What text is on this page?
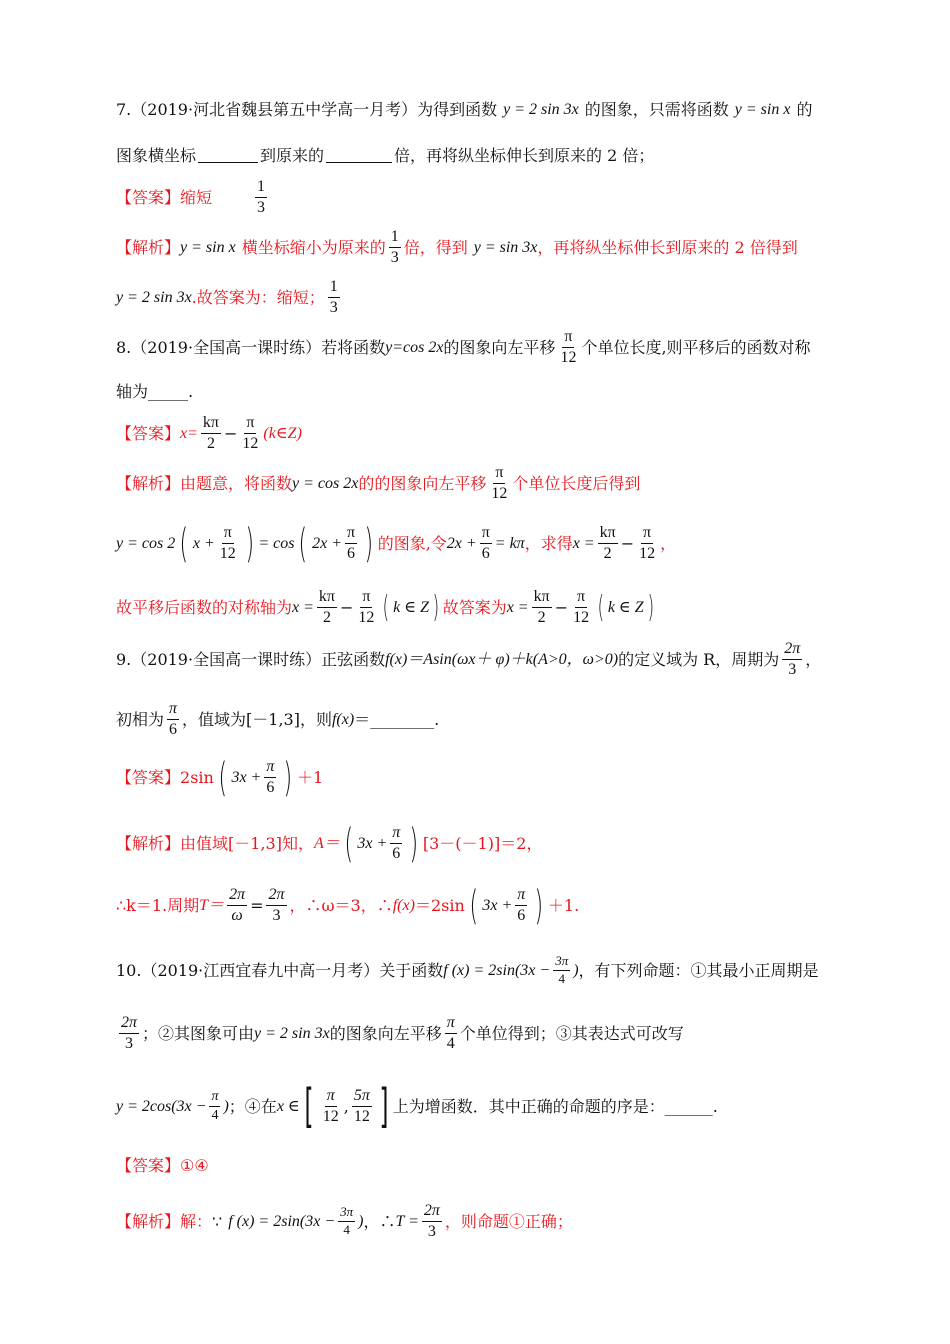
7. （2019·河北省魏县第五中学高一月考） 为得到函数 y = 2 sin 3x 的图象，只需将函数 y = sin x 的
图象横坐标	到原来的	倍，再将纵坐标伸长到原来的 2 倍；
【答案】 缩短	$\frac{1}{3}$
【解析】 y = sin x 横坐标缩小为原来的 $\frac{1}{3}$ 倍，得到 y = sin 3x ，再将纵坐标伸长到原来的 2 倍得到
y = 2 sin 3x .故答案为：缩短； $\frac{1}{3}$
8. （2019·全国高一课时练） 若将函数 y=cos 2x 的图象向左平移 $\frac{\pi}{12}$ 个单位长度,则平移后的函数对称
轴为_____.
【答案】 $x= \frac{k\pi}{2} - \frac{\pi}{12}$ (k∈Z)
【解析】 由题意，将函数 y = cos 2x 的的图象向左平移 $\frac{\pi}{12}$ 个单位长度后得到
y = cos 2 ( $x + \frac{\pi}{12}$ ) = cos ( $2x + \frac{\pi}{6}$ ) 的图象,令 $2x + \frac{\pi}{6} = k\pi$ ，求得 $x = \frac{k\pi}{2} - \frac{\pi}{12}$ ，
故平移后函数的对称轴为 $x = \frac{k\pi}{2} - \frac{\pi}{12}$ ( k ∈ Z ) 故答案为 $x = \frac{k\pi}{2} - \frac{\pi}{12}$ ( k ∈ Z )
9. （2019·全国高一课时练） 正弦函数 f(x)＝Asin(ωx＋ φ)＋k(A>0，ω>0) 的定义域为 R，周期为 $\frac{2\pi}{3}$ ，
初相为 $\frac{\pi}{6}$ ，值域为[－1,3]，则 f(x) ＝________.
【答案】 2sin ( $3x + \frac{\pi}{6}$ ) ＋1
【解析】 由值域[－1,3]知， A＝ ( $3x + \frac{\pi}{6}$ ) [3－(－1)]＝2，
∴k＝1.周期 $T= \frac{2\pi}{\omega} = \frac{2\pi}{3}$ ，∴ω＝3，∴ f(x) ＝2sin ( $3x + \frac{\pi}{6}$ ) ＋1.
10. （2019·江西宜春九中高一月考） 关于函数 f $(x) = 2\sin(3x - \frac{3\pi}{4}$ ) ，有下列命题：①其最小正周期是
$\frac{2\pi}{3}$ ；②其图象可由 y = 2 sin 3x 的图象向左平移 $\frac{\pi}{4}$ 个单位得到；③其表达式可改写
$y = 2\cos(3x - \frac{\pi}{4}$ ) ；④在 x ∈ [ $\frac{\pi}{12}$ , $\frac{5\pi}{12}$ ] 上为增函数．其中正确的命题的序是：______.
【答案】 ①④
【解析】 解： ∵ f $(x) = 2\sin(3x - \frac{3\pi}{4}$ ) ，∴ $T = \frac{2\pi}{3}$ ，则命题①正确；
